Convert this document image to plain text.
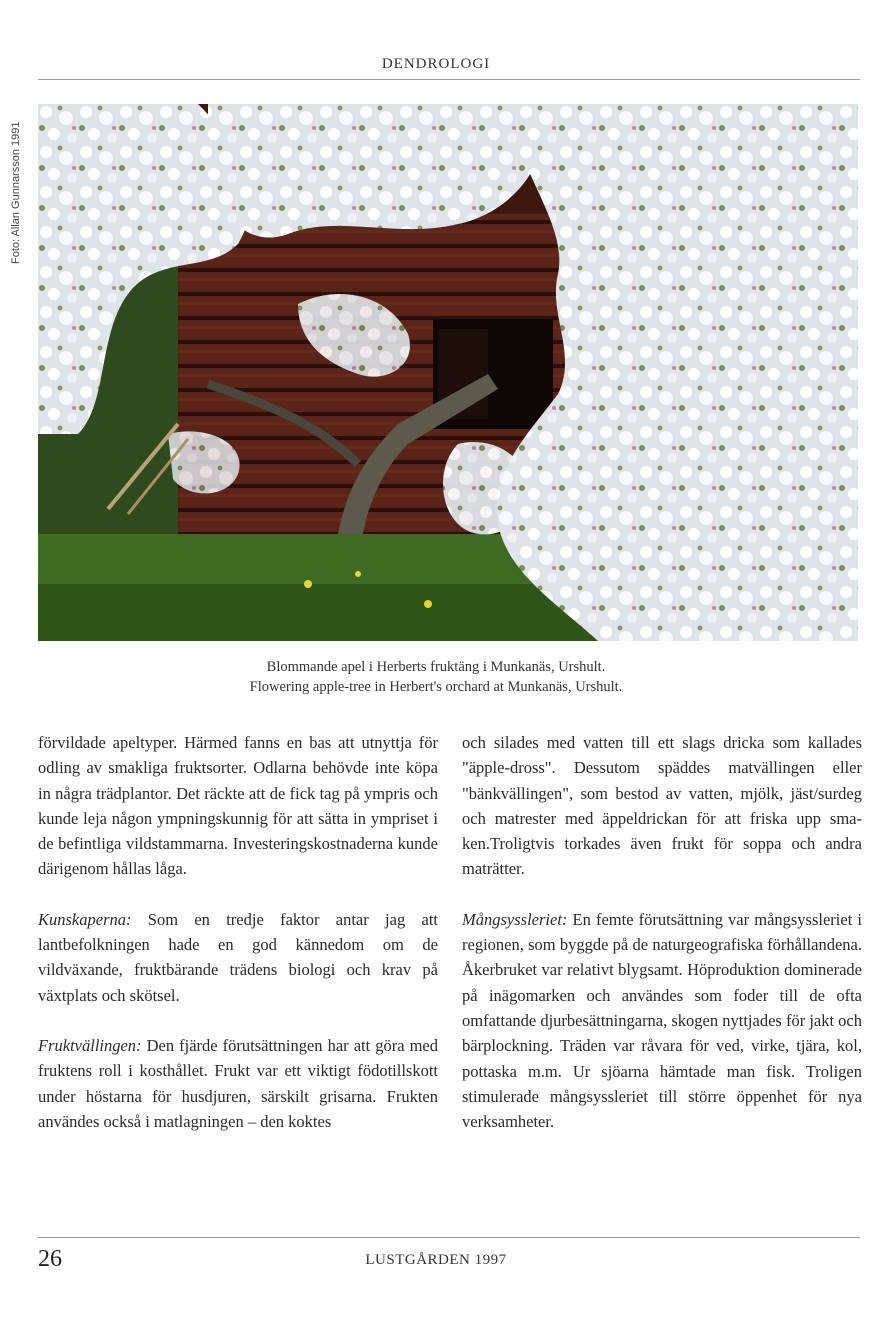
DENDROLOGI
Foto: Allan Gunnarsson 1991
Blommande apel i Herberts fruktäng i Munkanäs, Urshult.
Flowering apple-tree in Herbert's orchard at Munkanäs, Urshult.

förvildade apeltyper. Härmed fanns en bas att utnyttja för odling av smakliga fruktsorter. Odlarna behövde inte köpa in några trädplantor. Det räckte att de fick tag på ympris och kunde leja någon ympningskunnig för att sätta in ympriset i de befintliga vildstammarna. Investeringskostnaderna kunde därigenom hållas låga.

Kunskaperna: Som en tredje faktor antar jag att lantbefolkningen hade en god kännedom om de vildväxande, fruktbärande trädens biologi och krav på växtplats och skötsel.

Fruktvällingen: Den fjärde förutsättningen har att göra med fruktens roll i kosthållet. Frukt var ett viktigt födotillskott under höstarna för husdjuren, särskilt grisarna. Frukten användes också i matlagningen – den koktes

och silades med vatten till ett slags dricka som kallades "äpple-dross". Dessutom späddes matvällingen eller "bänkvällingen", som bestod av vatten, mjölk, jäst/surdeg och matrester med äppeldrickan för att friska upp smaken.Troligtvis torkades även frukt för soppa och andra maträtter.

Mångsyssleriet: En femte förutsättning var mångsyssleriet i regionen, som byggde på de naturgeografiska förhållandena. Åkerbruket var relativt blygsamt. Höproduktion dominerade på inägomarken och användes som foder till de ofta omfattande djurbesättningarna, skogen nyttjades för jakt och bärplockning. Träden var råvara för ved, virke, tjära, kol, pottaska m.m. Ur sjöarna hämtade man fisk. Troligen stimulerade mångsyssleriet till större öppenhet för nya verksamheter.

26	LUSTGÅRDEN 1997
